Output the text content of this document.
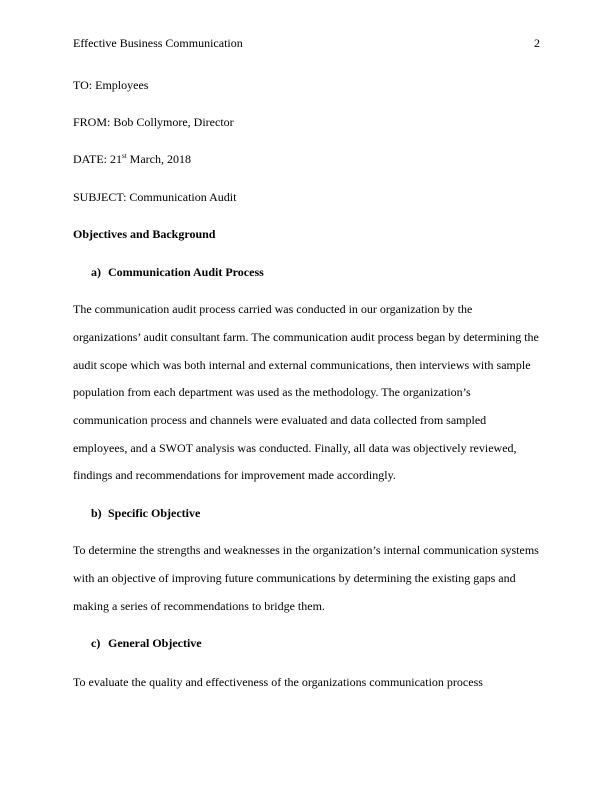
Effective Business Communication	2
TO: Employees
FROM: Bob Collymore, Director
DATE: 21st March, 2018
SUBJECT: Communication Audit
Objectives and Background
a) Communication Audit Process
The communication audit process carried was conducted in our organization by the
organizations’ audit consultant farm. The communication audit process began by determining the
audit scope which was both internal and external communications, then interviews with sample
population from each department was used as the methodology. The organization’s
communication process and channels were evaluated and data collected from sampled
employees, and a SWOT analysis was conducted. Finally, all data was objectively reviewed,
findings and recommendations for improvement made accordingly.
b) Specific Objective
To determine the strengths and weaknesses in the organization’s internal communication systems
with an objective of improving future communications by determining the existing gaps and
making a series of recommendations to bridge them.
c) General Objective
To evaluate the quality and effectiveness of the organizations communication process
